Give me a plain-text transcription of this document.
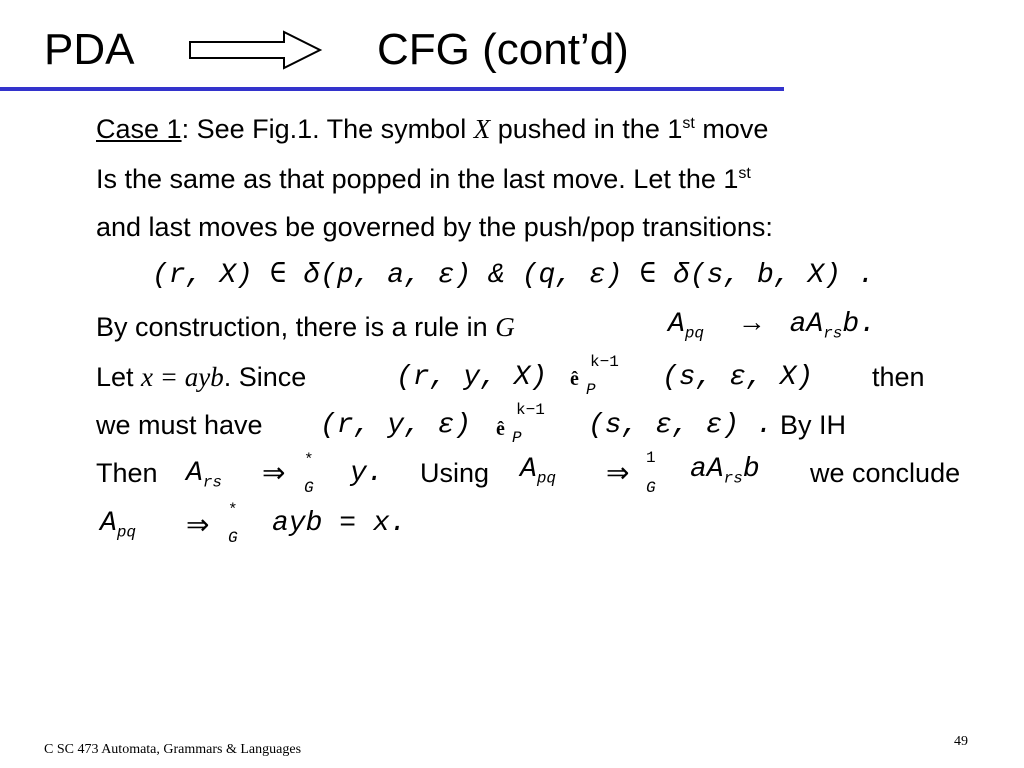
PDA	CFG (cont’d)
Case 1: See Fig.1. The symbol X pushed in the 1st move
Is the same as that popped in the last move. Let the 1st
and last moves be governed by the push/pop transitions:
(r, X) ∈ δ(p, a, ε) & (q, ε) ∈ δ(s, b, X) .
By construction, there is a rule in G	$A_{pq} \to aA_{rs}b$.
Let x = ayb. Since	(r, y, X) ê
k−1
P (s, ε, X) then
we must have (r, y, ε) ê
k−1
P (s, ε, ε) . By IH
Then $A_{rs}$ ⇒ *
G y. Using $A_{pq}$ ⇒ 1
G
$aA_{rs}b$ we conclude
$A_{pq}$ ⇒ *
G ayb = x.
C SC 473 Automata, Grammars & Languages
49
